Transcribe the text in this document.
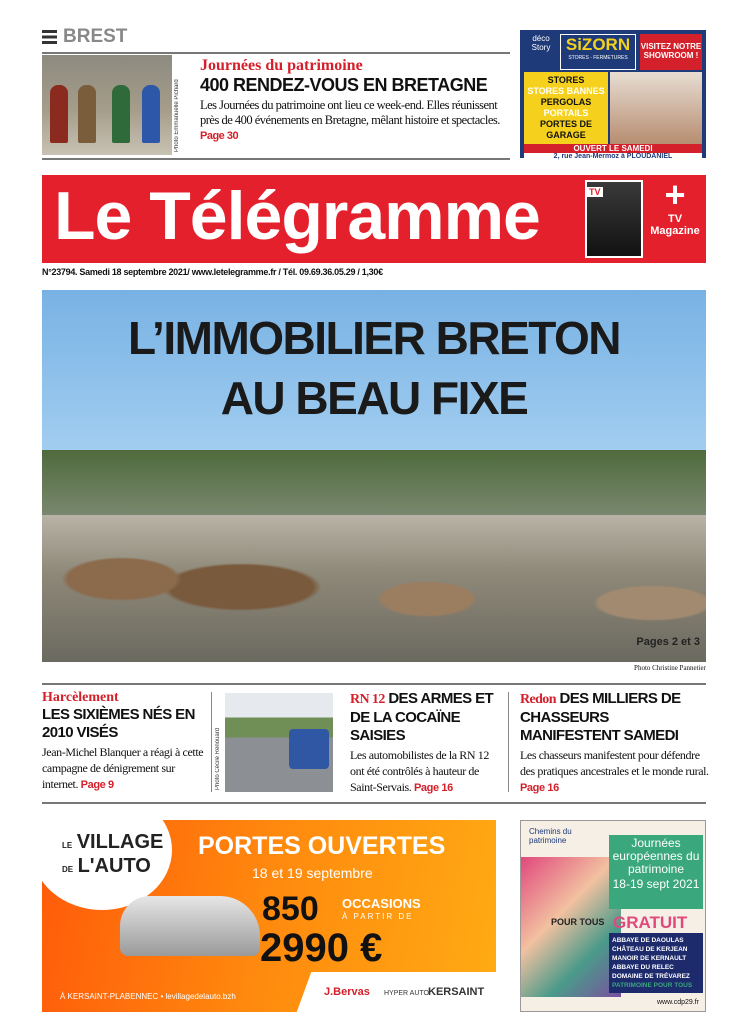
BREST
Photo Emmanuelle Pichard
Journées du patrimoine
400 RENDEZ-VOUS EN BRETAGNE
Les Journées du patrimoine ont lieu ce week-end. Elles réunissent près de 400 événements en Bretagne, mêlant histoire et spectacles. Page 30
déco Story SiZORN
STORES - FERMETURES
VISITEZ NOTRE SHOWROOM !
STORES
STORES BANNES
PERGOLAS
PORTAILS
PORTES DE GARAGE
OUVERT LE SAMEDI
2, rue Jean-Mermoz à PLOUDANIEL
Le Télégramme	TV	+
TV
Magazine
N°23794. Samedi 18 septembre 2021/ www.letelegramme.fr / Tél. 09.69.36.05.29 / 1,30€
L’IMMOBILIER BRETON
AU BEAU FIXE
Pages 2 et 3
Photo Christine Pannetier
Harcèlement
LES SIXIÈMES NÉS EN 2010 VISÉS
Jean-Michel Blanquer a réagi à cette campagne de dénigrement sur internet. Page 9	Photo Cécile Renouard
RN 12 DES ARMES ET DE LA COCAÏNE SAISIES
Les automobilistes de la RN 12 ont été contrôlés à hauteur de Saint-Servais. Page 16
Redon DES MILLIERS DE CHASSEURS MANIFESTENT SAMEDI
Les chasseurs manifestent pour défendre des pratiques ancestrales et le monde rural. Page 16
LE VILLAGE
DE L'AUTO
PORTES OUVERTES
18 et 19 septembre
850 OCCASIONS
À PARTIR DE
2990 €
À KERSAINT-PLABENNEC • levillagedelauto.bzh	J.Bervas HYPER AUTO KERSAINT
Chemins du patrimoine
POUR TOUS
Journées européennes du patrimoine
18-19 sept 2021
GRATUIT
ABBAYE DE DAOULAS
CHÂTEAU DE KERJEAN
MANOIR DE KERNAULT
ABBAYE DU RELEC
DOMAINE DE TRÉVAREZ
PATRIMOINE POUR TOUS
www.cdp29.fr
